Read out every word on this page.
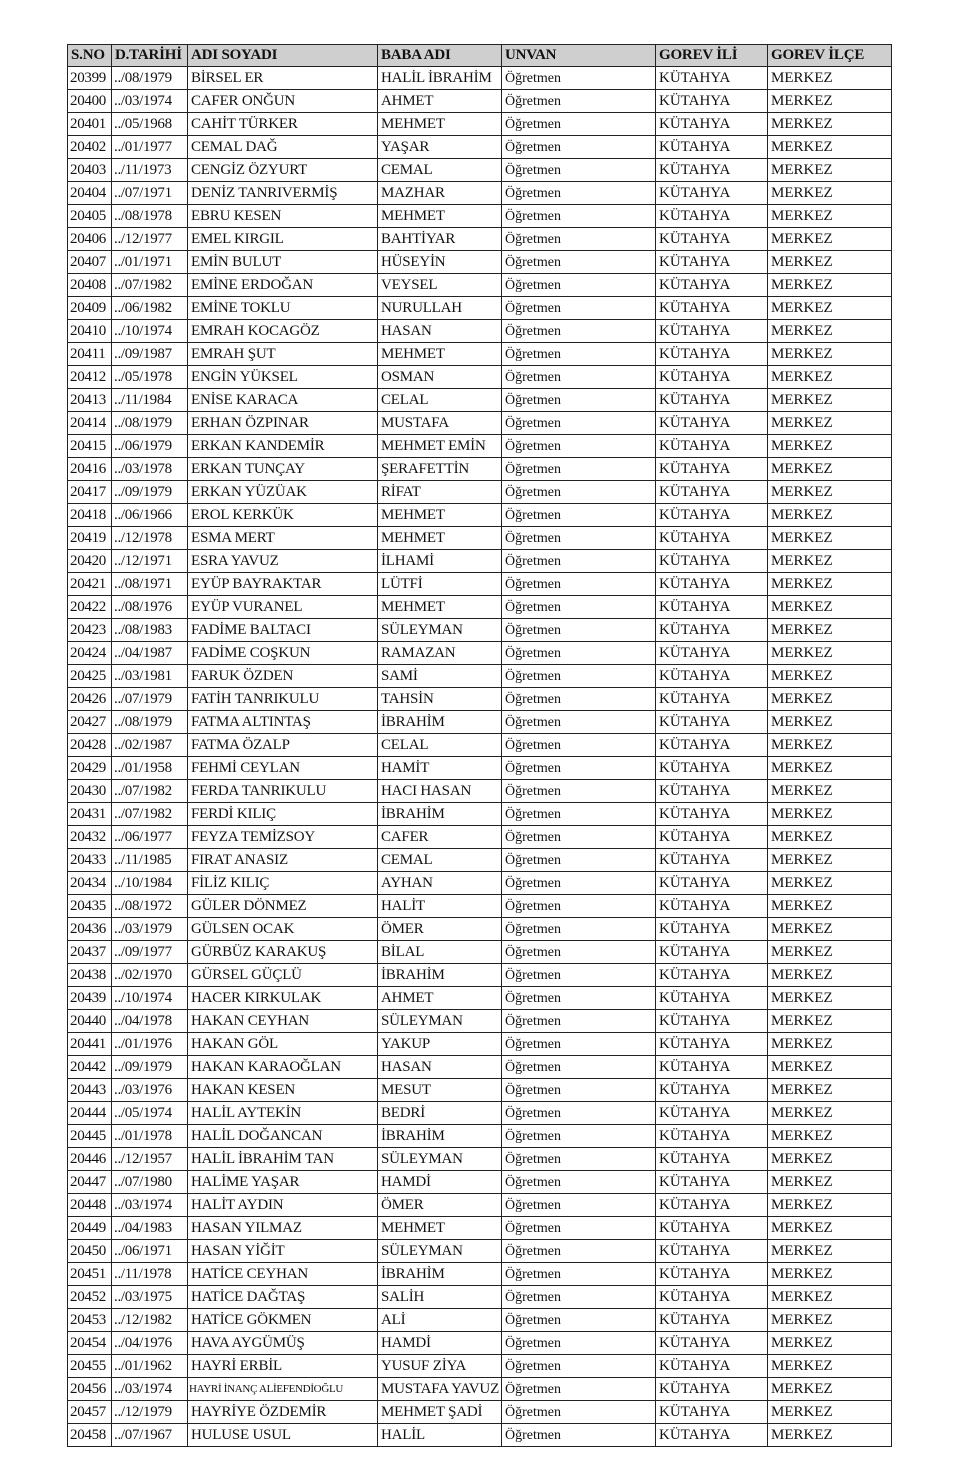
S.NO	D.TARİHİ	ADI SOYADI	BABA ADI	UNVAN	GOREV İLİ	GOREV İLÇE
20399	../08/1979	BİRSEL ER	HALİL İBRAHİM	Öğretmen	KÜTAHYA	MERKEZ
20400	../03/1974	CAFER ONĞUN	AHMET	Öğretmen	KÜTAHYA	MERKEZ
20401	../05/1968	CAHİT TÜRKER	MEHMET	Öğretmen	KÜTAHYA	MERKEZ
20402	../01/1977	CEMAL DAĞ	YAŞAR	Öğretmen	KÜTAHYA	MERKEZ
20403	../11/1973	CENGİZ ÖZYURT	CEMAL	Öğretmen	KÜTAHYA	MERKEZ
20404	../07/1971	DENİZ TANRIVERMİŞ	MAZHAR	Öğretmen	KÜTAHYA	MERKEZ
20405	../08/1978	EBRU KESEN	MEHMET	Öğretmen	KÜTAHYA	MERKEZ
20406	../12/1977	EMEL KIRGIL	BAHTİYAR	Öğretmen	KÜTAHYA	MERKEZ
20407	../01/1971	EMİN BULUT	HÜSEYİN	Öğretmen	KÜTAHYA	MERKEZ
20408	../07/1982	EMİNE ERDOĞAN	VEYSEL	Öğretmen	KÜTAHYA	MERKEZ
20409	../06/1982	EMİNE TOKLU	NURULLAH	Öğretmen	KÜTAHYA	MERKEZ
20410	../10/1974	EMRAH KOCAGÖZ	HASAN	Öğretmen	KÜTAHYA	MERKEZ
20411	../09/1987	EMRAH ŞUT	MEHMET	Öğretmen	KÜTAHYA	MERKEZ
20412	../05/1978	ENGİN YÜKSEL	OSMAN	Öğretmen	KÜTAHYA	MERKEZ
20413	../11/1984	ENİSE KARACA	CELAL	Öğretmen	KÜTAHYA	MERKEZ
20414	../08/1979	ERHAN ÖZPINAR	MUSTAFA	Öğretmen	KÜTAHYA	MERKEZ
20415	../06/1979	ERKAN KANDEMİR	MEHMET EMİN	Öğretmen	KÜTAHYA	MERKEZ
20416	../03/1978	ERKAN TUNÇAY	ŞERAFETTİN	Öğretmen	KÜTAHYA	MERKEZ
20417	../09/1979	ERKAN YÜZÜAK	RİFAT	Öğretmen	KÜTAHYA	MERKEZ
20418	../06/1966	EROL KERKÜK	MEHMET	Öğretmen	KÜTAHYA	MERKEZ
20419	../12/1978	ESMA MERT	MEHMET	Öğretmen	KÜTAHYA	MERKEZ
20420	../12/1971	ESRA YAVUZ	İLHAMİ	Öğretmen	KÜTAHYA	MERKEZ
20421	../08/1971	EYÜP BAYRAKTAR	LÜTFİ	Öğretmen	KÜTAHYA	MERKEZ
20422	../08/1976	EYÜP VURANEL	MEHMET	Öğretmen	KÜTAHYA	MERKEZ
20423	../08/1983	FADİME BALTACI	SÜLEYMAN	Öğretmen	KÜTAHYA	MERKEZ
20424	../04/1987	FADİME COŞKUN	RAMAZAN	Öğretmen	KÜTAHYA	MERKEZ
20425	../03/1981	FARUK ÖZDEN	SAMİ	Öğretmen	KÜTAHYA	MERKEZ
20426	../07/1979	FATİH TANRIKULU	TAHSİN	Öğretmen	KÜTAHYA	MERKEZ
20427	../08/1979	FATMA ALTINTAŞ	İBRAHİM	Öğretmen	KÜTAHYA	MERKEZ
20428	../02/1987	FATMA ÖZALP	CELAL	Öğretmen	KÜTAHYA	MERKEZ
20429	../01/1958	FEHMİ CEYLAN	HAMİT	Öğretmen	KÜTAHYA	MERKEZ
20430	../07/1982	FERDA TANRIKULU	HACI HASAN	Öğretmen	KÜTAHYA	MERKEZ
20431	../07/1982	FERDİ KILIÇ	İBRAHİM	Öğretmen	KÜTAHYA	MERKEZ
20432	../06/1977	FEYZA TEMİZSOY	CAFER	Öğretmen	KÜTAHYA	MERKEZ
20433	../11/1985	FIRAT ANASIZ	CEMAL	Öğretmen	KÜTAHYA	MERKEZ
20434	../10/1984	FİLİZ KILIÇ	AYHAN	Öğretmen	KÜTAHYA	MERKEZ
20435	../08/1972	GÜLER DÖNMEZ	HALİT	Öğretmen	KÜTAHYA	MERKEZ
20436	../03/1979	GÜLSEN OCAK	ÖMER	Öğretmen	KÜTAHYA	MERKEZ
20437	../09/1977	GÜRBÜZ KARAKUŞ	BİLAL	Öğretmen	KÜTAHYA	MERKEZ
20438	../02/1970	GÜRSEL GÜÇLÜ	İBRAHİM	Öğretmen	KÜTAHYA	MERKEZ
20439	../10/1974	HACER KIRKULAK	AHMET	Öğretmen	KÜTAHYA	MERKEZ
20440	../04/1978	HAKAN CEYHAN	SÜLEYMAN	Öğretmen	KÜTAHYA	MERKEZ
20441	../01/1976	HAKAN GÖL	YAKUP	Öğretmen	KÜTAHYA	MERKEZ
20442	../09/1979	HAKAN KARAOĞLAN	HASAN	Öğretmen	KÜTAHYA	MERKEZ
20443	../03/1976	HAKAN KESEN	MESUT	Öğretmen	KÜTAHYA	MERKEZ
20444	../05/1974	HALİL AYTEKİN	BEDRİ	Öğretmen	KÜTAHYA	MERKEZ
20445	../01/1978	HALİL DOĞANCAN	İBRAHİM	Öğretmen	KÜTAHYA	MERKEZ
20446	../12/1957	HALİL İBRAHİM TAN	SÜLEYMAN	Öğretmen	KÜTAHYA	MERKEZ
20447	../07/1980	HALİME YAŞAR	HAMDİ	Öğretmen	KÜTAHYA	MERKEZ
20448	../03/1974	HALİT AYDIN	ÖMER	Öğretmen	KÜTAHYA	MERKEZ
20449	../04/1983	HASAN YILMAZ	MEHMET	Öğretmen	KÜTAHYA	MERKEZ
20450	../06/1971	HASAN YİĞİT	SÜLEYMAN	Öğretmen	KÜTAHYA	MERKEZ
20451	../11/1978	HATİCE CEYHAN	İBRAHİM	Öğretmen	KÜTAHYA	MERKEZ
20452	../03/1975	HATİCE DAĞTAŞ	SALİH	Öğretmen	KÜTAHYA	MERKEZ
20453	../12/1982	HATİCE GÖKMEN	ALİ	Öğretmen	KÜTAHYA	MERKEZ
20454	../04/1976	HAVA AYGÜMÜŞ	HAMDİ	Öğretmen	KÜTAHYA	MERKEZ
20455	../01/1962	HAYRİ ERBİL	YUSUF ZİYA	Öğretmen	KÜTAHYA	MERKEZ
20456	../03/1974	HAYRİ İNANÇ ALİEFENDİOĞLU	MUSTAFA YAVUZ	Öğretmen	KÜTAHYA	MERKEZ
20457	../12/1979	HAYRİYE ÖZDEMİR	MEHMET ŞADİ	Öğretmen	KÜTAHYA	MERKEZ
20458	../07/1967	HULUSE USUL	HALİL	Öğretmen	KÜTAHYA	MERKEZ
